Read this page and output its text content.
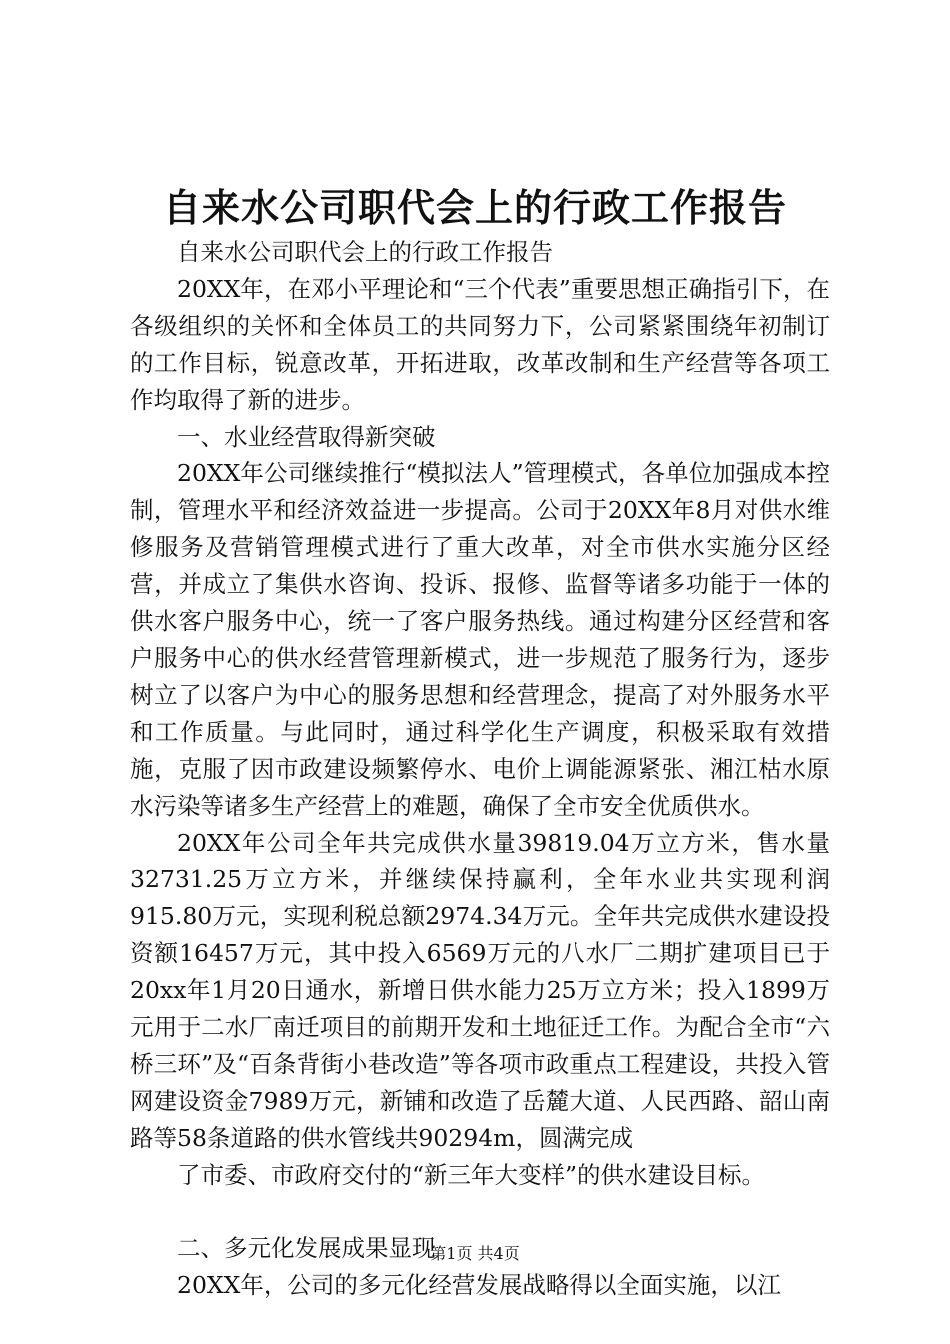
自来水公司职代会上的行政工作报告

自来水公司职代会上的行政工作报告

20XX年，在邓小平理论和“三个代表”重要思想正确指引下，在各级组织的关怀和全体员工的共同努力下，公司紧紧围绕年初制订的工作目标，锐意改革，开拓进取，改革改制和生产经营等各项工作均取得了新的进步。

一、水业经营取得新突破

20XX年公司继续推行“模拟法人”管理模式，各单位加强成本控制，管理水平和经济效益进一步提高。公司于20XX年8月对供水维修服务及营销管理模式进行了重大改革，对全市供水实施分区经营，并成立了集供水咨询、投诉、报修、监督等诸多功能于一体的供水客户服务中心，统一了客户服务热线。通过构建分区经营和客户服务中心的供水经营管理新模式，进一步规范了服务行为，逐步树立了以客户为中心的服务思想和经营理念，提高了对外服务水平和工作质量。与此同时，通过科学化生产调度，积极采取有效措施，克服了因市政建设频繁停水、电价上调能源紧张、湘江枯水原水污染等诸多生产经营上的难题，确保了全市安全优质供水。

20XX年公司全年共完成供水量39819.04万立方米，售水量32731.25万立方米，并继续保持赢利，全年水业共实现利润915.80万元，实现利税总额2974.34万元。全年共完成供水建设投资额16457万元，其中投入6569万元的八水厂二期扩建项目已于20xx年1月20日通水，新增日供水能力25万立方米；投入1899万元用于二水厂南迁项目的前期开发和土地征迁工作。为配合全市“六桥三环”及“百条背街小巷改造”等各项市政重点工程建设，共投入管网建设资金7989万元，新铺和改造了岳麓大道、人民西路、韶山南路等58条道路的供水管线共90294m，圆满完成

了市委、市政府交付的“新三年大变样”的供水建设目标。

二、多元化发展成果显现

20XX年，公司的多元化经营发展战略得以全面实施，以江

第1页 共4页
